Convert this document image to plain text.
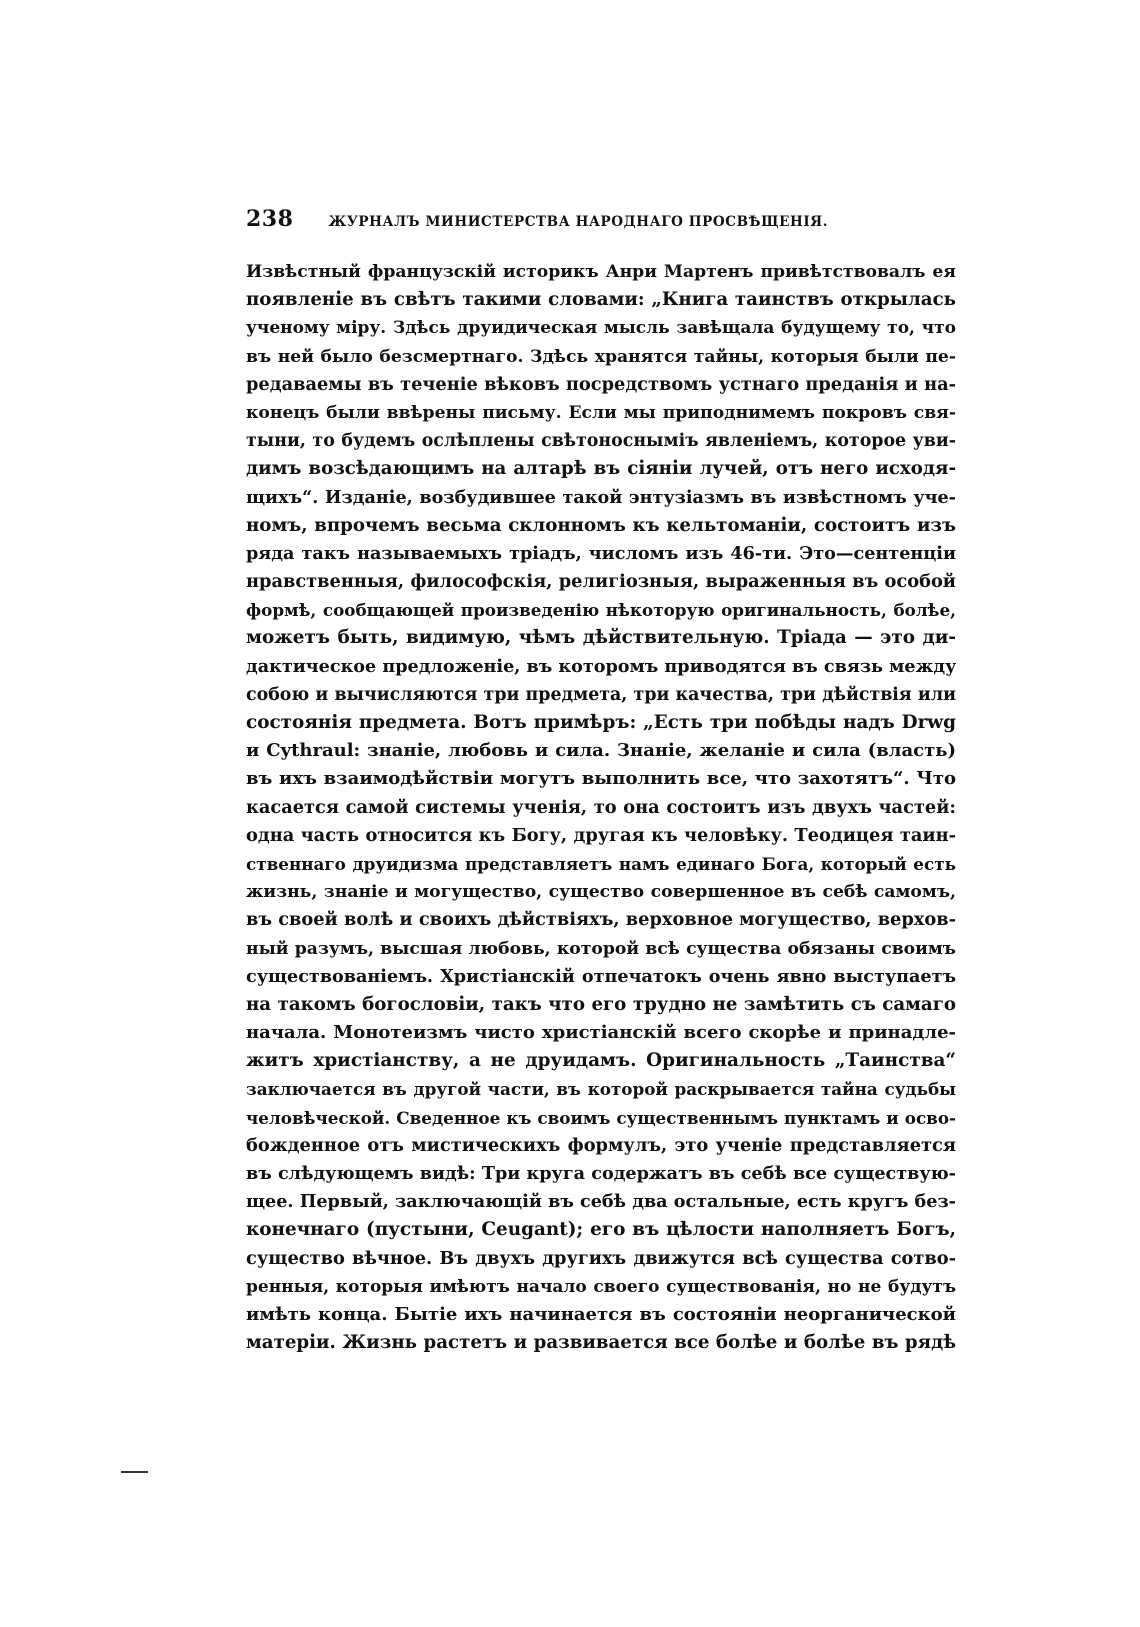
238	ЖУРНАЛЪ МИНИСТЕРСТВА НАРОДНАГО ПРОСВѢЩЕНІЯ.
Извѣстный французскій историкъ Анри Мартенъ привѣтствовалъ ея
появленіе въ свѣтъ такими словами: „Книга таинствъ открылась
ученому міру. Здѣсь друидическая мысль завѣщала будущему то, что
въ ней было безсмертнаго. Здѣсь хранятся тайны, которыя были пе-
редаваемы въ теченіе вѣковъ посредствомъ устнаго преданія и на-
конецъ были ввѣрены письму. Если мы приподнимемъ покровъ свя-
тыни, то будемъ ослѣплены свѣтоносныміъ явленіемъ, которое уви-
димъ возсѣдающимъ на алтарѣ въ сіяніи лучей, отъ него исходя-
щихъ“. Изданіе, возбудившее такой энтузіазмъ въ извѣстномъ уче-
номъ, впрочемъ весьма склонномъ къ кельтоманіи, состоитъ изъ
ряда такъ называемыхъ тріадъ, числомъ изъ 46-ти. Это—сентенціи
нравственныя, философскія, религіозныя, выраженныя въ особой
формѣ, сообщающей произведенію нѣкоторую оригинальность, болѣе,
можетъ быть, видимую, чѣмъ дѣйствительную. Тріада — это ди-
дактическое предложеніе, въ которомъ приводятся въ связь между
собою и вычисляются три предмета, три качества, три дѣйствія или
состоянія предмета. Вотъ примѣръ: „Есть три побѣды надъ Drwg
и Cythraul: знаніе, любовь и сила. Знаніе, желаніе и сила (власть)
въ ихъ взаимодѣйствіи могутъ выполнить все, что захотятъ“. Что
касается самой системы ученія, то она состоитъ изъ двухъ частей:
одна часть относится къ Богу, другая къ человѣку. Теодицея таин-
ственнаго друидизма представляетъ намъ единаго Бога, который есть
жизнь, знаніе и могущество, существо совершенное въ себѣ самомъ,
въ своей волѣ и своихъ дѣйствіяхъ, верховное могущество, верхов-
ный разумъ, высшая любовь, которой всѣ существа обязаны своимъ
существованіемъ. Христіанскій отпечатокъ очень явно выступаетъ
на такомъ богословіи, такъ что его трудно не замѣтить съ самаго
начала. Монотеизмъ чисто христіанскій всего скорѣе и принадле-
житъ христіанству, а не друидамъ. Оригинальность „Таинства“
заключается въ другой части, въ которой раскрывается тайна судьбы
человѣческой. Сведенное къ своимъ существеннымъ пунктамъ и осво-
божденное отъ мистическихъ формулъ, это ученіе представляется
въ слѣдующемъ видѣ: Три круга содержатъ въ себѣ все существую-
щее. Первый, заключающій въ себѣ два остальные, есть кругъ без-
конечнаго (пустыни, Ceugant); его въ цѣлости наполняетъ Богъ,
существо вѣчное. Въ двухъ другихъ движутся всѣ существа сотво-
ренныя, которыя имѣютъ начало своего существованія, но не будутъ
имѣть конца. Бытіе ихъ начинается въ состояніи неорганической
матеріи. Жизнь растетъ и развивается все болѣе и болѣе въ рядѣ
